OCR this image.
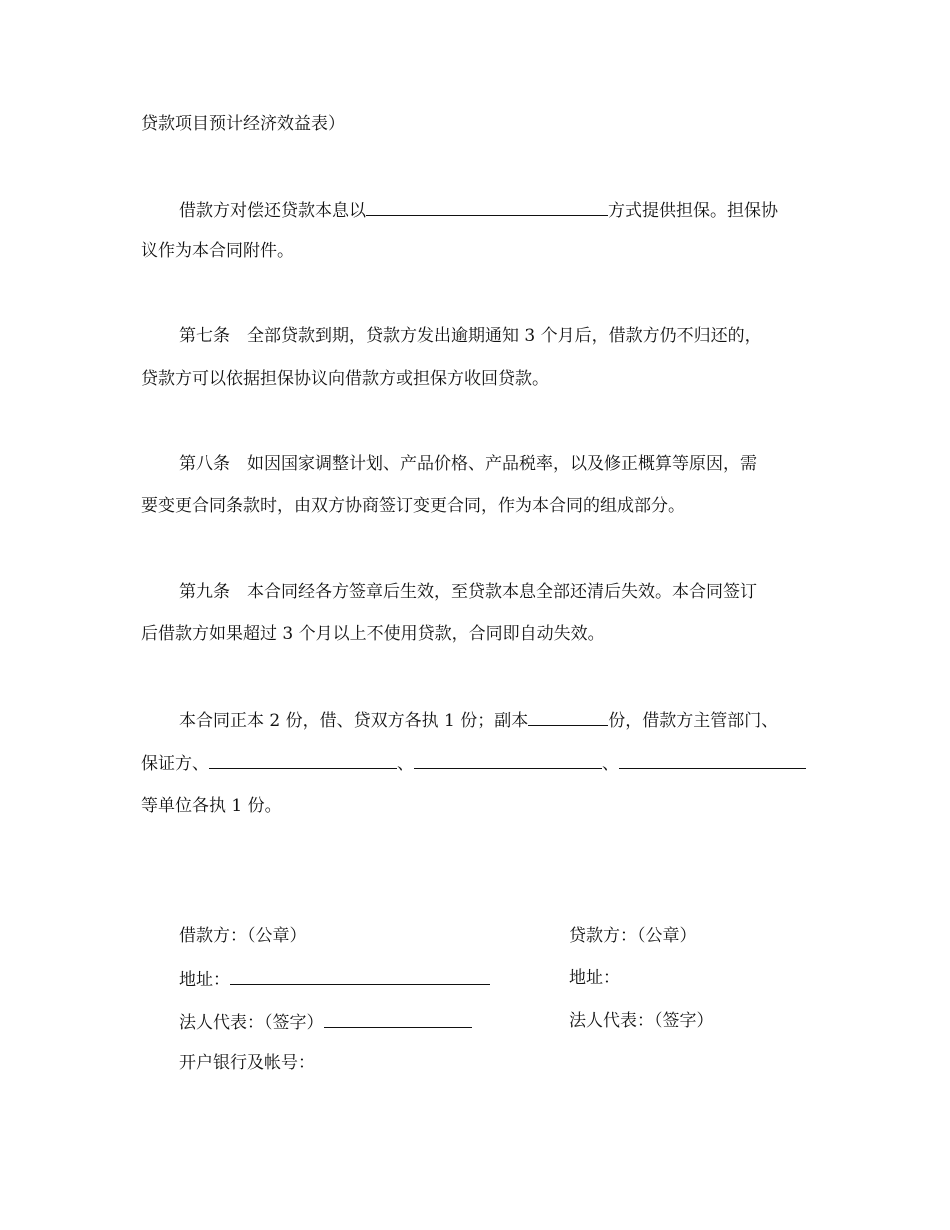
贷款项目预计经济效益表）
借款方对偿还贷款本息以	方式提供担保。担保协
议作为本合同附件。
第七条　全部贷款到期，贷款方发出逾期通知 3 个月后，借款方仍不归还的，
贷款方可以依据担保协议向借款方或担保方收回贷款。
第八条　如因国家调整计划、产品价格、产品税率，以及修正概算等原因，需
要变更合同条款时，由双方协商签订变更合同，作为本合同的组成部分。
第九条　本合同经各方签章后生效，至贷款本息全部还清后失效。本合同签订
后借款方如果超过 3 个月以上不使用贷款，合同即自动失效。
本合同正本 2 份，借、贷双方各执 1 份；副本	份，借款方主管部门、
保证方、	、	、
等单位各执 1 份。
借款方：（公章）	贷款方：（公章）
地址：	地址：
法人代表：（签字）	法人代表：（签字）
开户银行及帐号：
